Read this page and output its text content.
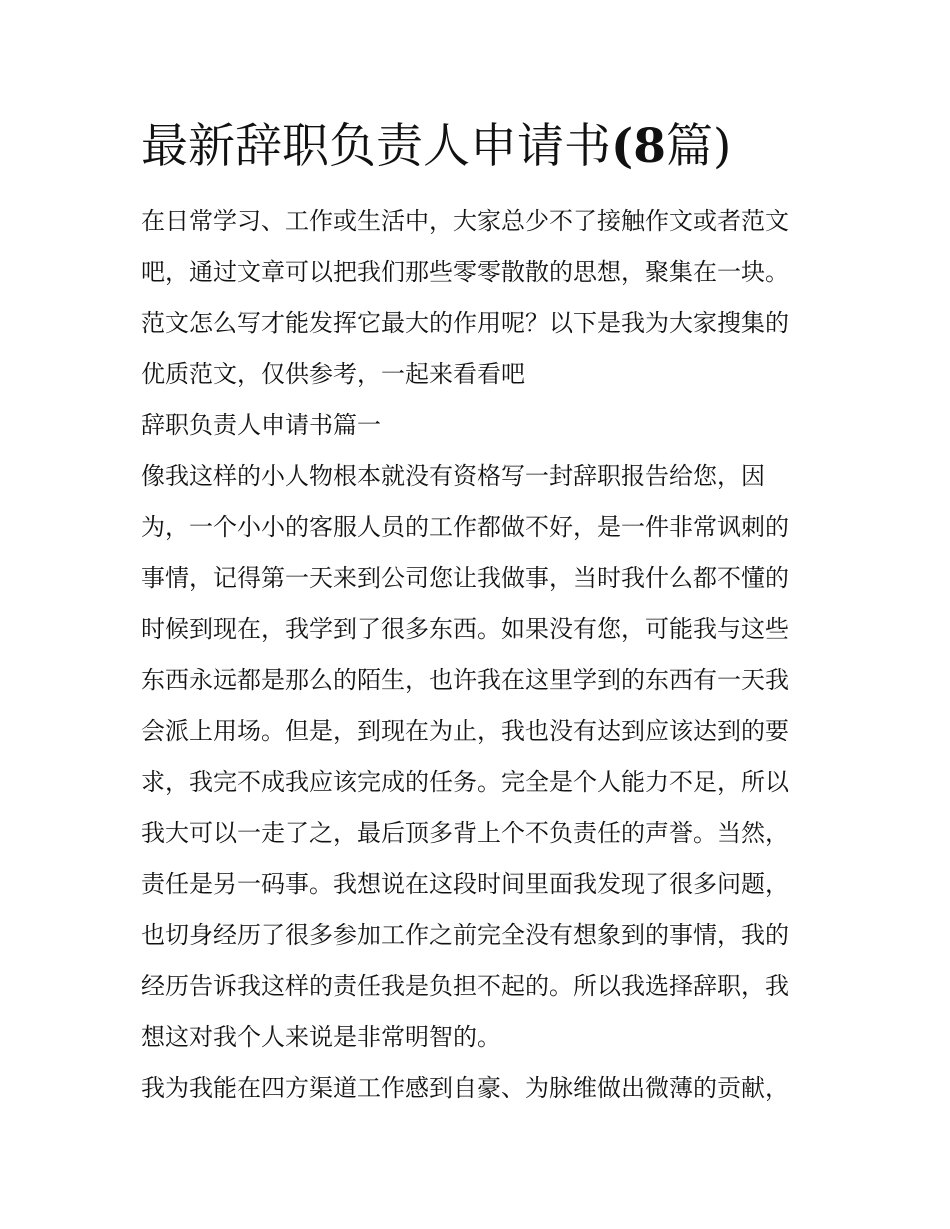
最新辞职负责人申请书(8篇)
在日常学习、工作或生活中，大家总少不了接触作文或者范文
吧，通过文章可以把我们那些零零散散的思想，聚集在一块。
范文怎么写才能发挥它最大的作用呢？以下是我为大家搜集的
优质范文，仅供参考，一起来看看吧
辞职负责人申请书篇一
像我这样的小人物根本就没有资格写一封辞职报告给您，因
为，一个小小的客服人员的工作都做不好，是一件非常讽刺的
事情，记得第一天来到公司您让我做事，当时我什么都不懂的
时候到现在，我学到了很多东西。如果没有您，可能我与这些
东西永远都是那么的陌生，也许我在这里学到的东西有一天我
会派上用场。但是，到现在为止，我也没有达到应该达到的要
求，我完不成我应该完成的任务。完全是个人能力不足，所以
我大可以一走了之，最后顶多背上个不负责任的声誉。当然，
责任是另一码事。我想说在这段时间里面我发现了很多问题，
也切身经历了很多参加工作之前完全没有想象到的事情，我的
经历告诉我这样的责任我是负担不起的。所以我选择辞职，我
想这对我个人来说是非常明智的。
我为我能在四方渠道工作感到自豪、为脉维做出微薄的贡献，
